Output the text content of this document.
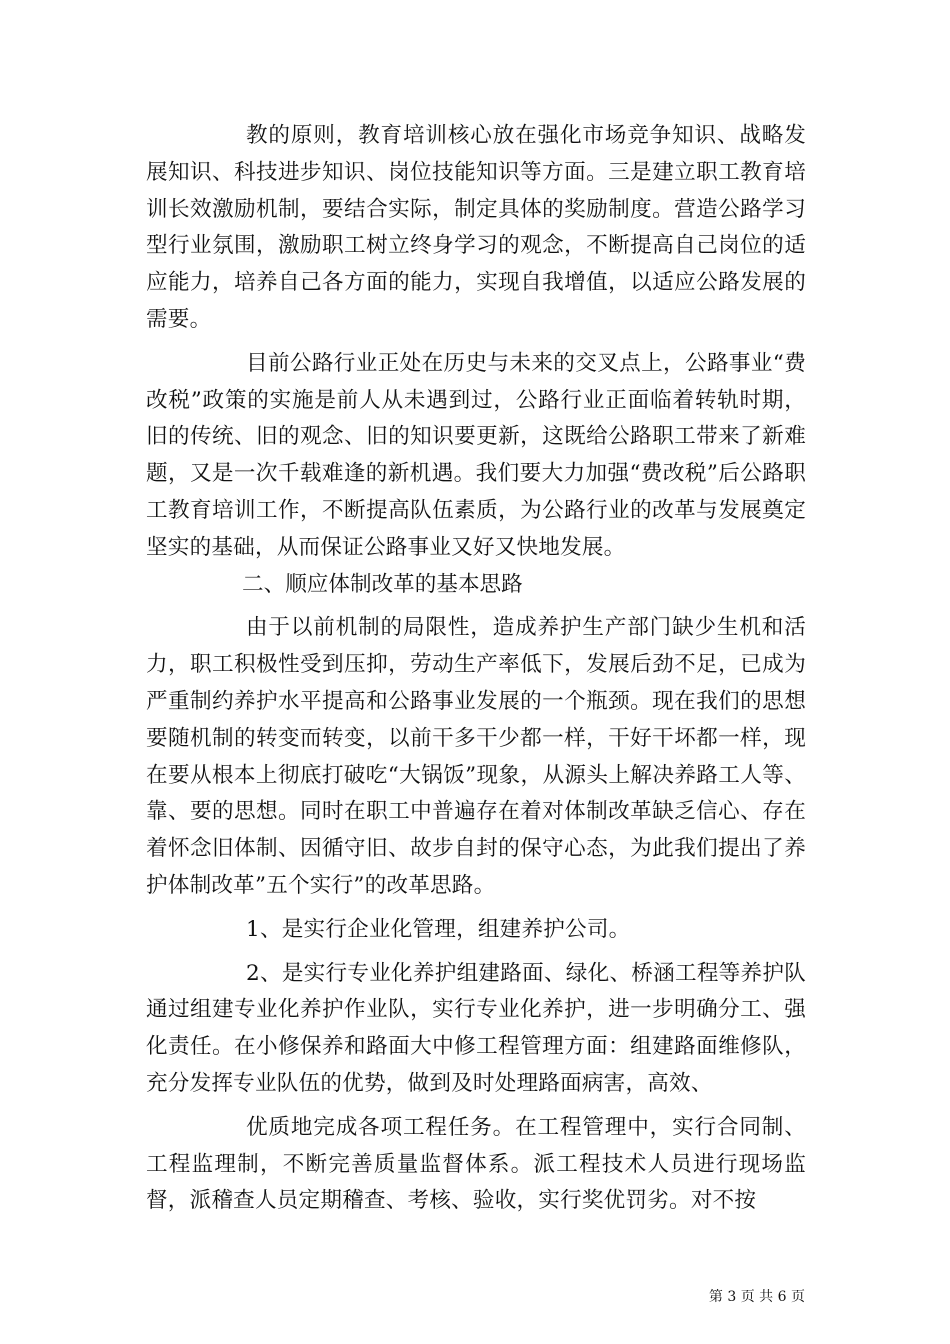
教的原则，教育培训核心放在强化市场竞争知识、战略发展知识、科技进步知识、岗位技能知识等方面。三是建立职工教育培训长效激励机制，要结合实际，制定具体的奖励制度。营造公路学习型行业氛围，激励职工树立终身学习的观念，不断提高自己岗位的适应能力，培养自己各方面的能力，实现自我增值，以适应公路发展的需要。

目前公路行业正处在历史与未来的交叉点上，公路事业“费改税”政策的实施是前人从未遇到过，公路行业正面临着转轨时期，旧的传统、旧的观念、旧的知识要更新，这既给公路职工带来了新难题，又是一次千载难逢的新机遇。我们要大力加强“费改税”后公路职工教育培训工作，不断提高队伍素质，为公路行业的改革与发展奠定坚实的基础，从而保证公路事业又好又快地发展。

二、顺应体制改革的基本思路

由于以前机制的局限性，造成养护生产部门缺少生机和活力，职工积极性受到压抑，劳动生产率低下，发展后劲不足，已成为严重制约养护水平提高和公路事业发展的一个瓶颈。现在我们的思想要随机制的转变而转变，以前干多干少都一样，干好干坏都一样，现在要从根本上彻底打破吃“大锅饭”现象，从源头上解决养路工人等、靠、要的思想。同时在职工中普遍存在着对体制改革缺乏信心、存在着怀念旧体制、因循守旧、故步自封的保守心态，为此我们提出了养护体制改革”五个实行”的改革思路。

1、是实行企业化管理，组建养护公司。

2、是实行专业化养护组建路面、绿化、桥涵工程等养护队通过组建专业化养护作业队，实行专业化养护，进一步明确分工、强化责任。在小修保养和路面大中修工程管理方面：组建路面维修队，充分发挥专业队伍的优势，做到及时处理路面病害，高效、

优质地完成各项工程任务。在工程管理中，实行合同制、工程监理制，不断完善质量监督体系。派工程技术人员进行现场监督，派稽查人员定期稽查、考核、验收，实行奖优罚劣。对不按

第 3 页 共 6 页
